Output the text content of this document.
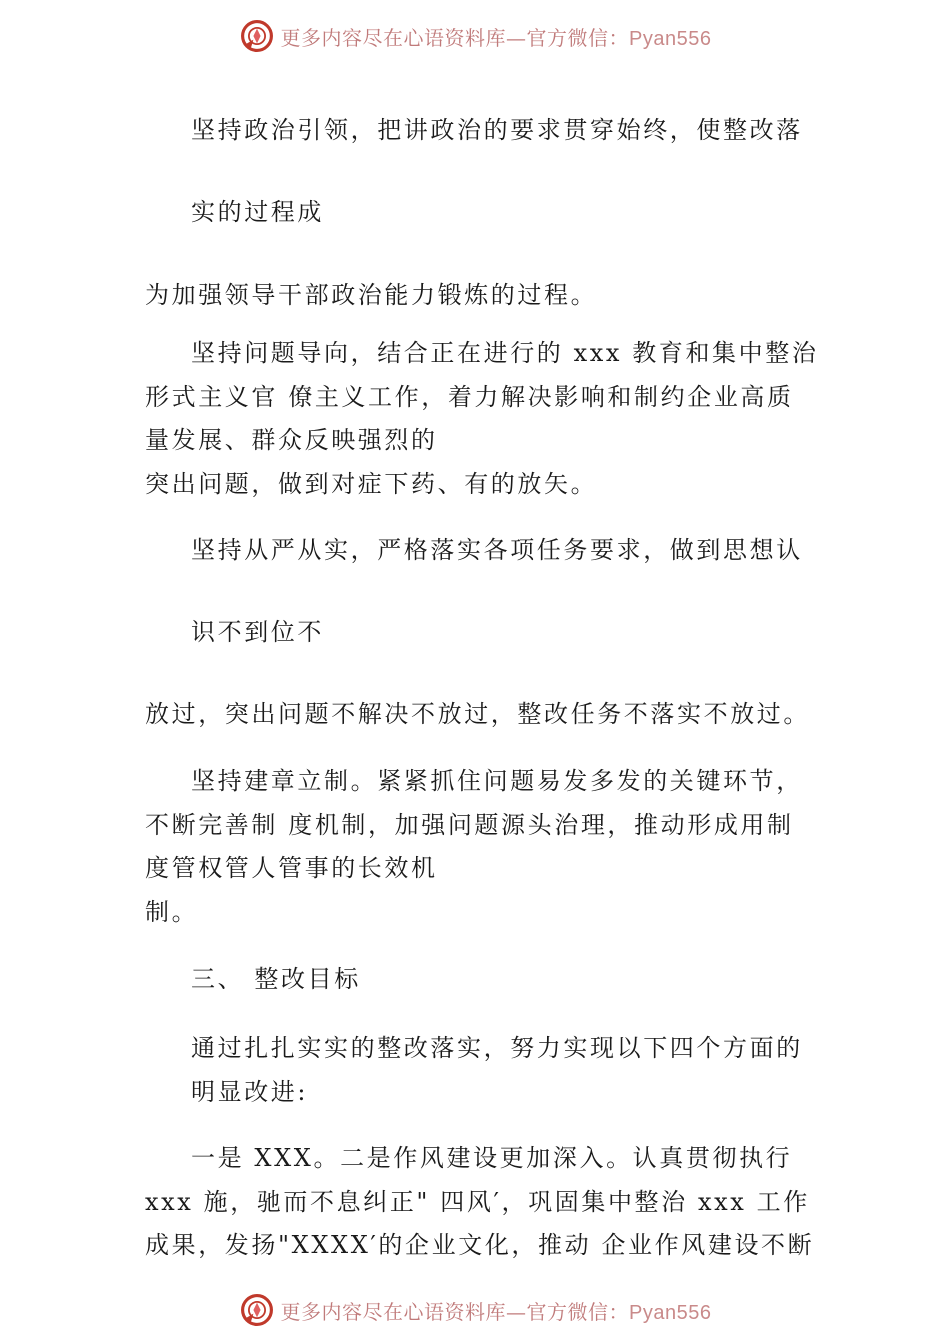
更多内容尽在心语资料库—官方微信：Pyan556
坚持政治引领，把讲政治的要求贯穿始终，使整改落
实的过程成
为加强领导干部政治能力锻炼的过程。
坚持问题导向，结合正在进行的 xxx 教育和集中整治
形式主义官 僚主义工作，着力解决影响和制约企业高质
量发展、群众反映强烈的
突出问题，做到对症下药、有的放矢。
坚持从严从实，严格落实各项任务要求，做到思想认
识不到位不
放过，突出问题不解决不放过，整改任务不落实不放过。
坚持建章立制。紧紧抓住问题易发多发的关键环节，
不断完善制 度机制，加强问题源头治理，推动形成用制
度管权管人管事的长效机
制。
三、 整改目标
通过扎扎实实的整改落实，努力实现以下四个方面的
明显改进:
一是 XXX。二是作风建设更加深入。认真贯彻执行
xxx 施，驰而不息纠正" 四风′，巩固集中整治 xxx 工作
成果，发扬"XXXX′的企业文化，推动 企业作风建设不断
更多内容尽在心语资料库—官方微信：Pyan556
